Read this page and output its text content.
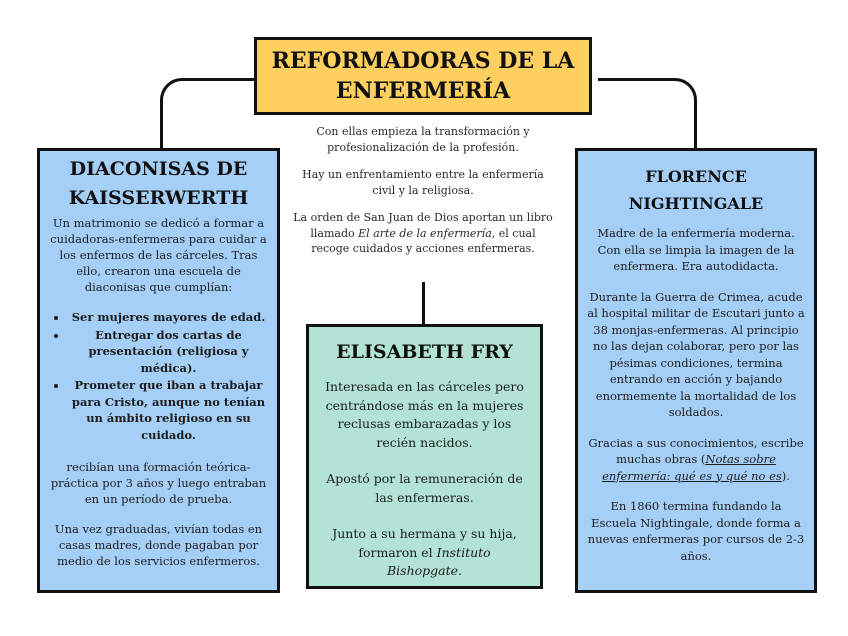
REFORMADORAS DE LA
ENFERMERÍA

Con ellas empieza la transformación y profesionalización de la profesión.

Hay un enfrentamiento entre la enfermería civil y la religiosa.

La orden de San Juan de Dios aportan un libro llamado El arte de la enfermería, el cual recoge cuidados y acciones enfermeras.

DIACONISAS DE
KAISSERWERTH

Un matrimonio se dedicó a formar a cuidadoras-enfermeras para cuidar a los enfermos de las cárceles. Tras ello, crearon una escuela de diaconisas que cumplían:

• Ser mujeres mayores de edad.
• Entregar dos cartas de presentación (religiosa y médica).
• Prometer que iban a trabajar para Cristo, aunque no tenían un ámbito religioso en su cuidado.

recibían una formación teórica-práctica por 3 años y luego entraban en un período de prueba.

Una vez graduadas, vivían todas en casas madres, donde pagaban por medio de los servicios enfermeros.

ELISABETH FRY

Interesada en las cárceles pero centrándose más en la mujeres reclusas embarazadas y los recién nacidos.

Apostó por la remuneración de las enfermeras.

Junto a su hermana y su hija, formaron el Instituto Bishopgate.

FLORENCE NIGHTINGALE

Madre de la enfermería moderna. Con ella se limpia la imagen de la enfermera. Era autodidacta.

Durante la Guerra de Crimea, acude al hospital militar de Escutari junto a 38 monjas-enfermeras. Al principio no las dejan colaborar, pero por las pésimas condiciones, termina entrando en acción y bajando enormemente la mortalidad de los soldados.

Gracias a sus conocimientos, escribe muchas obras (Notas sobre enfermería: qué es y qué no es).

En 1860 termina fundando la Escuela Nightingale, donde forma a nuevas enfermeras por cursos de 2-3 años.
